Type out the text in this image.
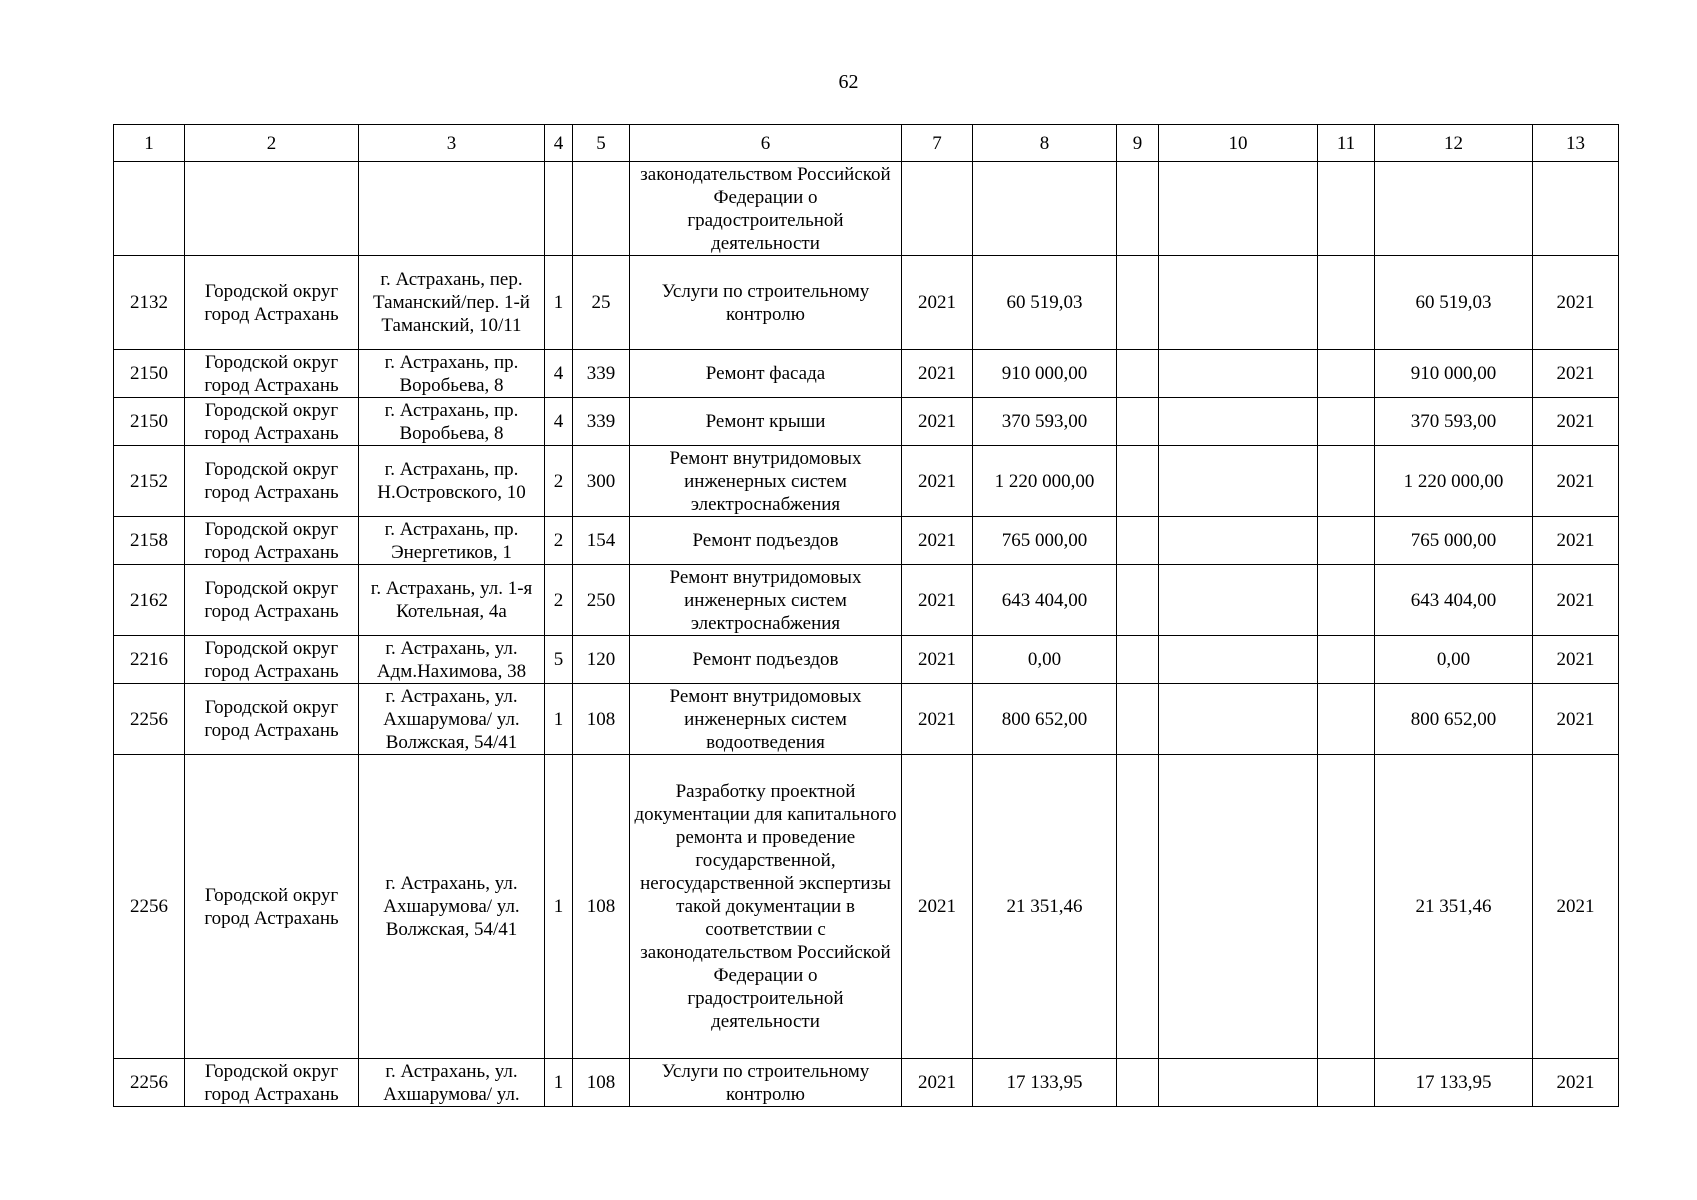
62
1	2	3	4	5	6	7	8	9	10	11	12	13
					законодательством Российской Федерации о градостроительной деятельности							
2132	Городской округ город Астрахань	г. Астрахань, пер. Таманский/пер. 1-й Таманский, 10/11	1	25	Услуги по строительному контролю	2021	60 519,03				60 519,03	2021
2150	Городской округ город Астрахань	г. Астрахань, пр. Воробьева, 8	4	339	Ремонт фасада	2021	910 000,00				910 000,00	2021
2150	Городской округ город Астрахань	г. Астрахань, пр. Воробьева, 8	4	339	Ремонт крыши	2021	370 593,00				370 593,00	2021
2152	Городской округ город Астрахань	г. Астрахань, пр. Н.Островского, 10	2	300	Ремонт внутридомовых инженерных систем электроснабжения	2021	1 220 000,00				1 220 000,00	2021
2158	Городской округ город Астрахань	г. Астрахань, пр. Энергетиков, 1	2	154	Ремонт подъездов	2021	765 000,00				765 000,00	2021
2162	Городской округ город Астрахань	г. Астрахань, ул. 1-я Котельная, 4а	2	250	Ремонт внутридомовых инженерных систем электроснабжения	2021	643 404,00				643 404,00	2021
2216	Городской округ город Астрахань	г. Астрахань, ул. Адм.Нахимова, 38	5	120	Ремонт подъездов	2021	0,00				0,00	2021
2256	Городской округ город Астрахань	г. Астрахань, ул. Ахшарумова/ ул. Волжская, 54/41	1	108	Ремонт внутридомовых инженерных систем водоотведения	2021	800 652,00				800 652,00	2021
2256	Городской округ город Астрахань	г. Астрахань, ул. Ахшарумова/ ул. Волжская, 54/41	1	108	Разработку проектной документации для капитального ремонта и проведение государственной, негосударственной экспертизы такой документации в соответствии с законодательством Российской Федерации о градостроительной деятельности	2021	21 351,46				21 351,46	2021
2256	Городской округ город Астрахань	г. Астрахань, ул. Ахшарумова/ ул.	1	108	Услуги по строительному контролю	2021	17 133,95				17 133,95	2021
